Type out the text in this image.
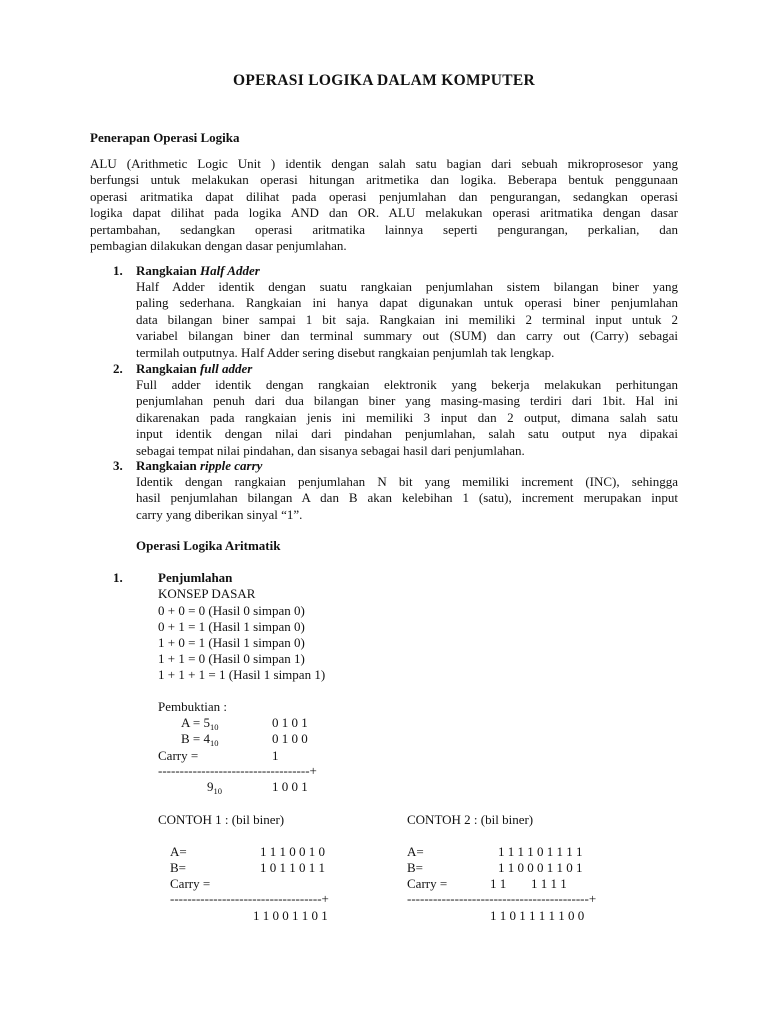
OPERASI LOGIKA DALAM KOMPUTER
Penerapan Operasi Logika
ALU (Arithmetic Logic Unit ) identik dengan salah satu bagian dari sebuah mikroprosesor yang
berfungsi untuk melakukan operasi hitungan aritmetika dan logika. Beberapa bentuk penggunaan
operasi aritmatika dapat dilihat pada operasi penjumlahan dan pengurangan, sedangkan operasi
logika dapat dilihat pada logika AND dan OR. ALU melakukan operasi aritmatika dengan dasar
pertambahan, sedangkan operasi aritmatika lainnya seperti pengurangan, perkalian, dan
pembagian dilakukan dengan dasar penjumlahan.
1. Rangkaian Half Adder
Half Adder identik dengan suatu rangkaian penjumlahan sistem bilangan biner yang
paling sederhana. Rangkaian ini hanya dapat digunakan untuk operasi biner penjumlahan
data bilangan biner sampai 1 bit saja. Rangkaian ini memiliki 2 terminal input untuk 2
variabel bilangan biner dan terminal summary out (SUM) dan carry out (Carry) sebagai
termilah outputnya. Half Adder sering disebut rangkaian penjumlah tak lengkap.
2. Rangkaian full adder
Full adder identik dengan rangkaian elektronik yang bekerja melakukan perhitungan
penjumlahan penuh dari dua bilangan biner yang masing-masing terdiri dari 1bit. Hal ini
dikarenakan pada rangkaian jenis ini memiliki 3 input dan 2 output, dimana salah satu
input identik dengan nilai dari pindahan penjumlahan, salah satu output nya dipakai
sebagai tempat nilai pindahan, dan sisanya sebagai hasil dari penjumlahan.
3. Rangkaian ripple carry
Identik dengan rangkaian penjumlahan N bit yang memiliki increment (INC), sehingga
hasil penjumlahan bilangan A dan B akan kelebihan 1 (satu), increment merupakan input
carry yang diberikan sinyal “1”.
Operasi Logika Aritmatik
1.	Penjumlahan
KONSEP DASAR
0 + 0 = 0 (Hasil 0 simpan 0)
0 + 1 = 1 (Hasil 1 simpan 0)
1 + 0 = 1 (Hasil 1 simpan 0)
1 + 1 = 0 (Hasil 0 simpan 1)
1 + 1 + 1 = 1 (Hasil 1 simpan 1)
Pembuktian :
$A = 5_{10}$	0 1 0 1
$B = 4_{10}$	0 1 0 0
Carry =	1
-----------------------------------+
$9_{10}$	1 0 0 1
CONTOH 1 : (bil biner)
A=	1 1 1 0 0 1 0
B=	1 0 1 1 0 1 1
Carry =
-----------------------------------+
1 1 0 0 1 1 0 1
CONTOH 2 : (bil biner)
A=	1 1 1 1 0 1 1 1 1
B=	1 1 0 0 0 1 1 0 1
Carry =	1 1 1 1 1 1
------------------------------------------+
1 1 0 1 1 1 1 1 0 0
